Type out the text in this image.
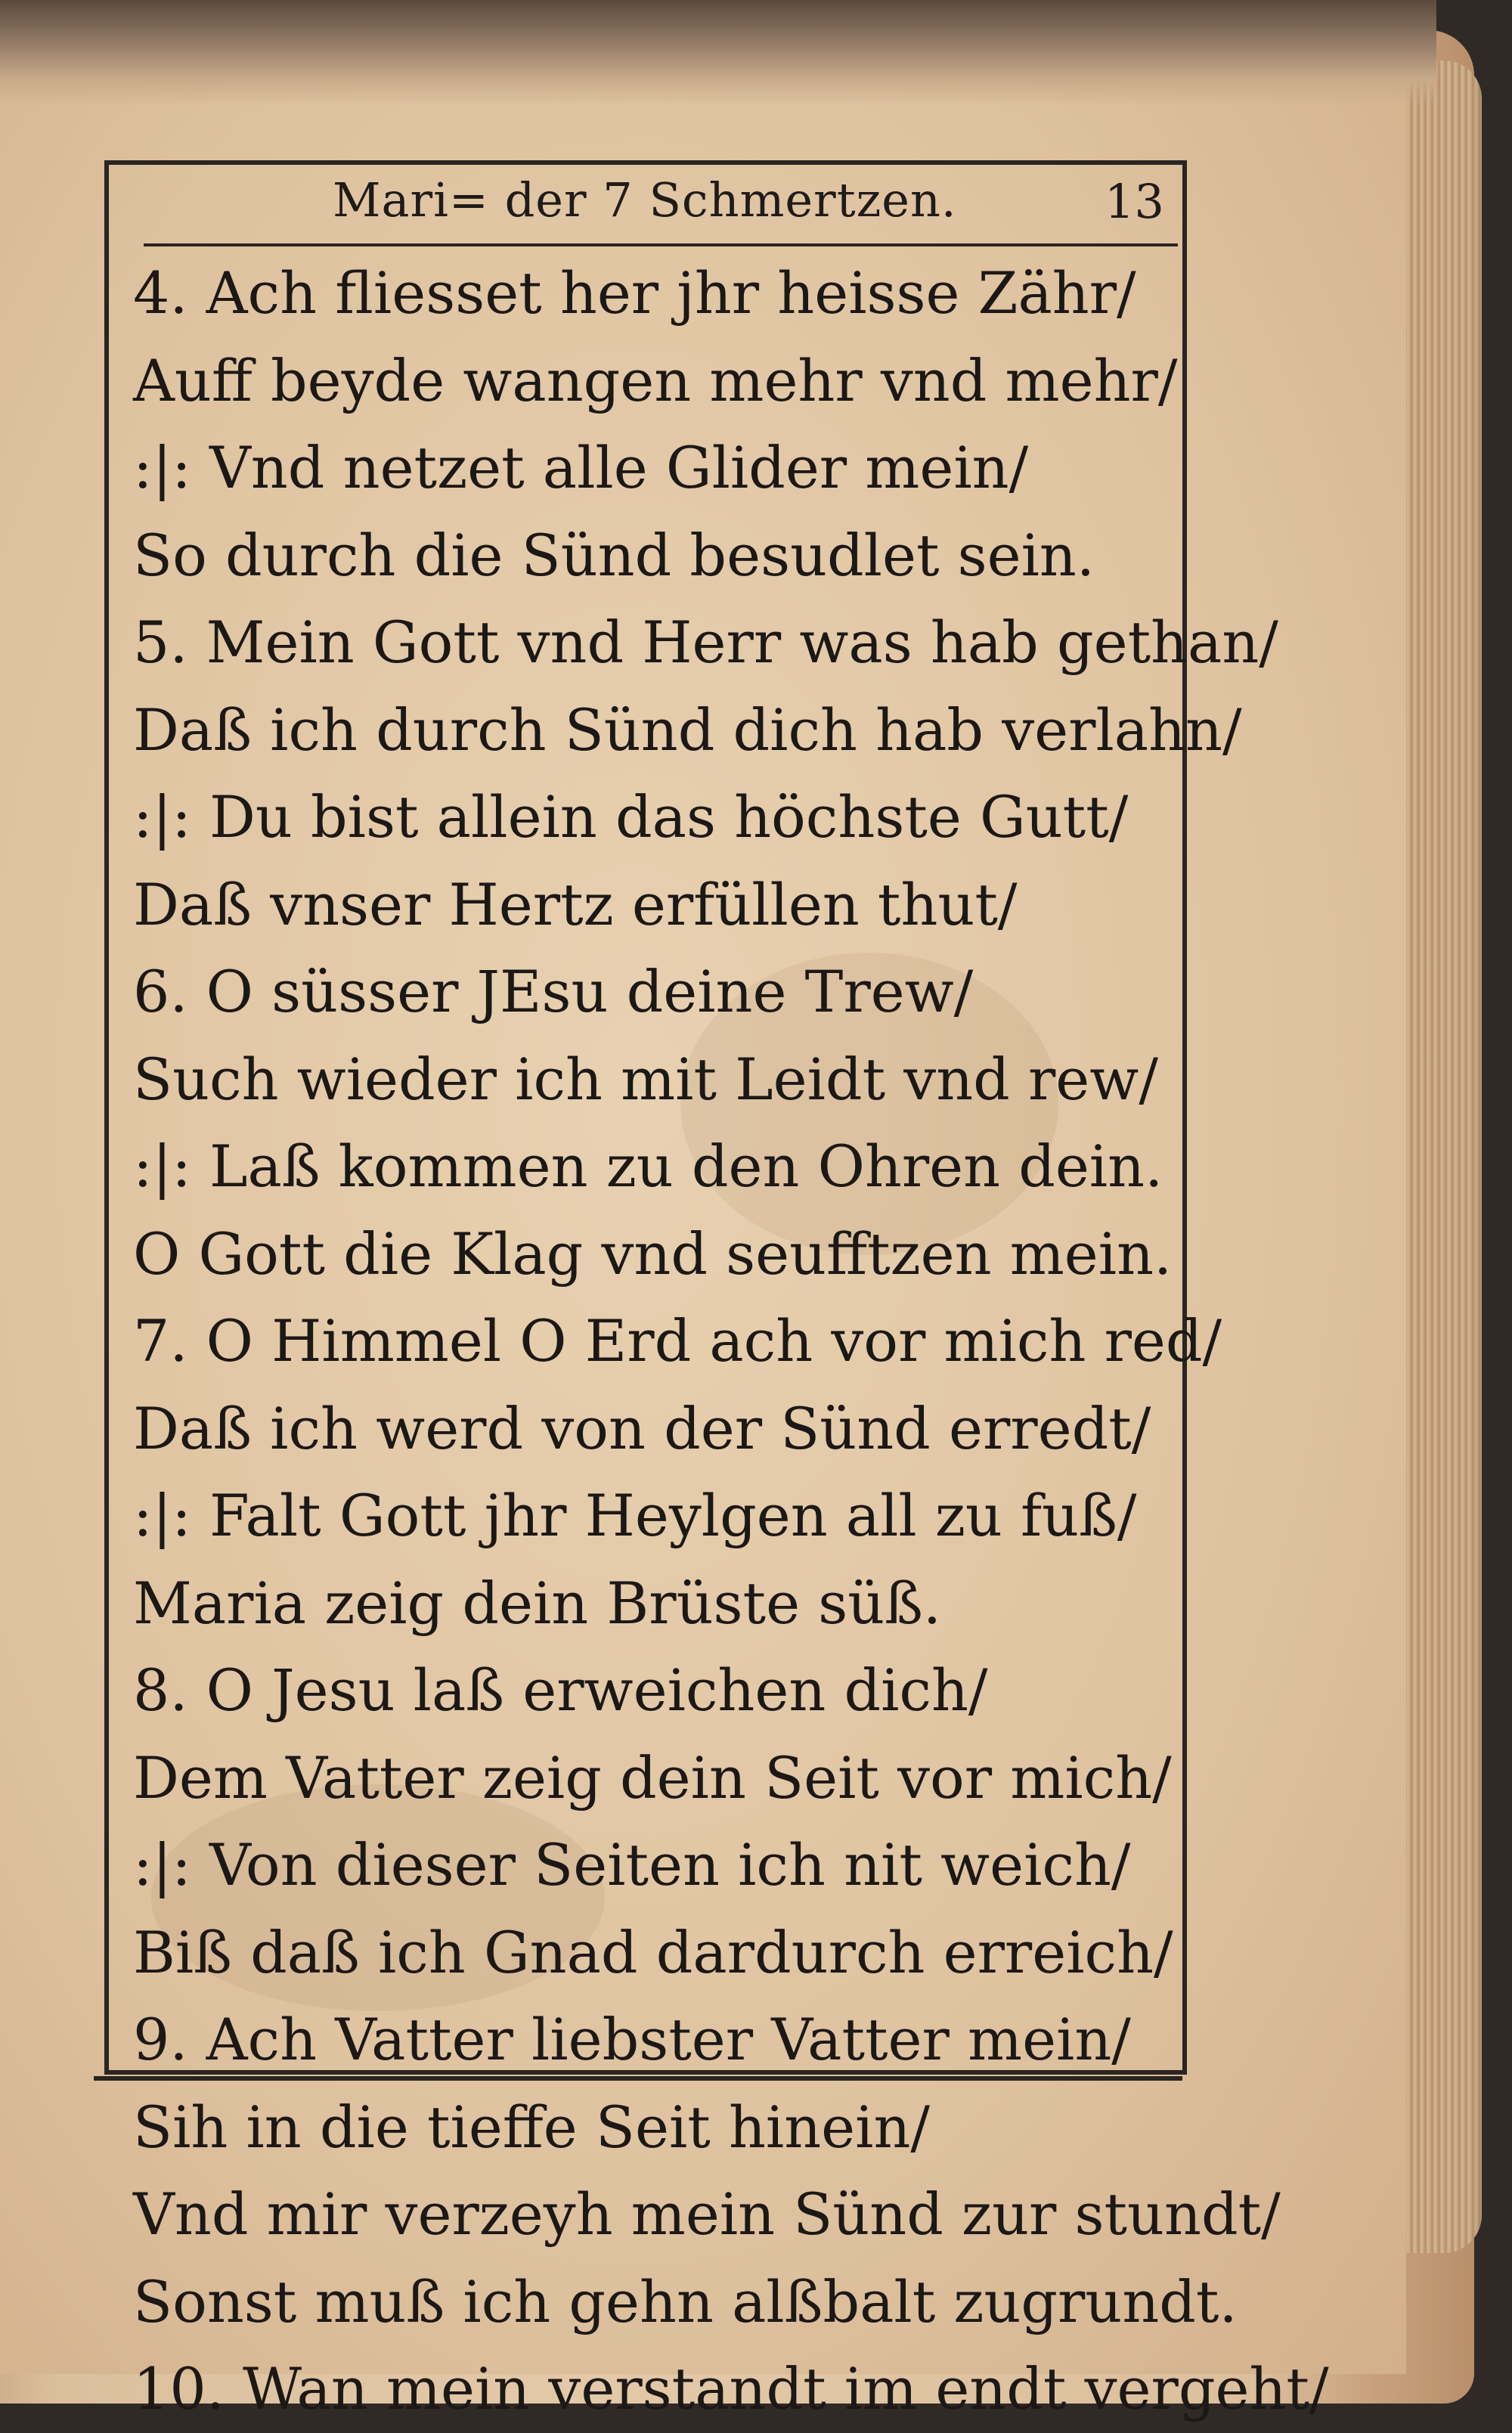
Mari= der 7 Schmertzen.	13
4. Ach fliesset her jhr heisse Zähr/
Auff beyde wangen mehr vnd mehr/
:|: Vnd netzet alle Glider mein/
So durch die Sünd besudlet sein.
5. Mein Gott vnd Herr was hab gethan/
Daß ich durch Sünd dich hab verlahn/
:|: Du bist allein das höchste Gutt/
Daß vnser Hertz erfüllen thut/
6. O süsser JEsu deine Trew/
Such wieder ich mit Leidt vnd rew/
:|: Laß kommen zu den Ohren dein.
O Gott die Klag vnd seufftzen mein.
7. O Himmel O Erd ach vor mich red/
Daß ich werd von der Sünd erredt/
:|: Falt Gott jhr Heylgen all zu fuß/
Maria zeig dein Brüste süß.
8. O Jesu laß erweichen dich/
Dem Vatter zeig dein Seit vor mich/
:|: Von dieser Seiten ich nit weich/
Biß daß ich Gnad dardurch erreich/
9. Ach Vatter liebster Vatter mein/
Sih in die tieffe Seit hinein/
Vnd mir verzeyh mein Sünd zur stundt/
Sonst muß ich gehn alßbalt zugrundt.
10. Wan mein verstandt im endt vergeht/
